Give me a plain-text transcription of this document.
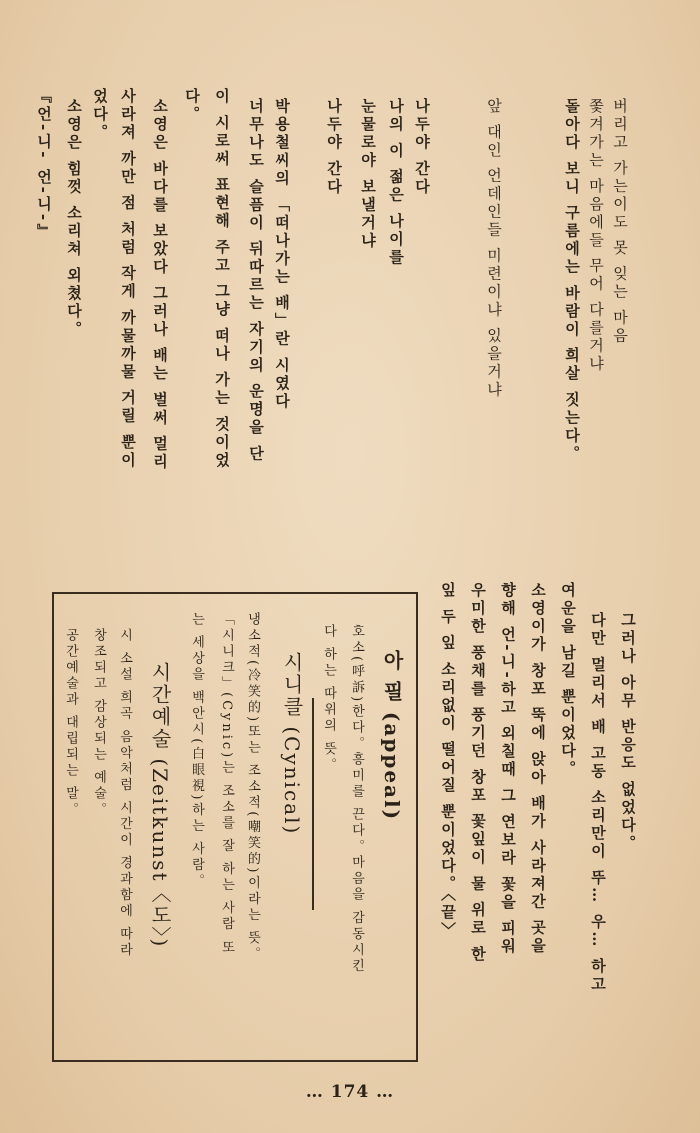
버리고 가는이도 못 잊는 마음
쫓겨가는 마음에들 무어 다를거냐
돌아다 보니 구름에는 바람이 희살 짓는다。
앞 대인 언데인들 미련이냐 있을거냐
나두야 간다
나의 이 젊은 나이를
눈물로야 보낼거냐
나두야 간다
박용철씨의 「떠나가는 배」란 시였다
너무나도 슬픔이 뒤따르는 자기의 운명을 단
이 시로써 표현해 주고 그냥 떠나 가는 것이었
다。
소영은 바다를 보았다 그러나 배는 벌써 멀리
사라져 까만 점 처럼 작게 까물까물 거릴 뿐이
었다。
소영은 힘껏 소리쳐 외쳤다。
『언-니- 언-니-』
그러나 아무 반응도 없었다。
다만 멀리서 배 고동 소리만이 뚜… 우… 하고
여운을 남길 뿐이었다。
소영이가 창포 뚝에 앉아 배가 사라져간 곳을
향해 언-니-하고 외칠때 그 연보라 꽃을 피워
우미한 풍채를 풍기던 창포 꽃잎이 물 위로 한
잎 두 잎 소리없이 떨어질 뿐이었다。〈끝〉
아 필 (appeal)
호소(呼訴)한다。흥미를 끈다。마음을 감동시킨
다 하는 따위의 뜻。
시니클 (Cynical)
냉소적(冷笑的)또는 조소적(嘲笑的)이라는 뜻。
「시니크」(Cynic)는 조소를 잘 하는 사람 또
는 세상을 백안시(白眼視)하는 사람。
시간예술 (Zeitkunst〈도〉)
시 소설 희곡 음악처럼 시간이 경과함에 따라
창조되고 감상되는 예술。
공간예술과 대립되는 말。
… 174 …
